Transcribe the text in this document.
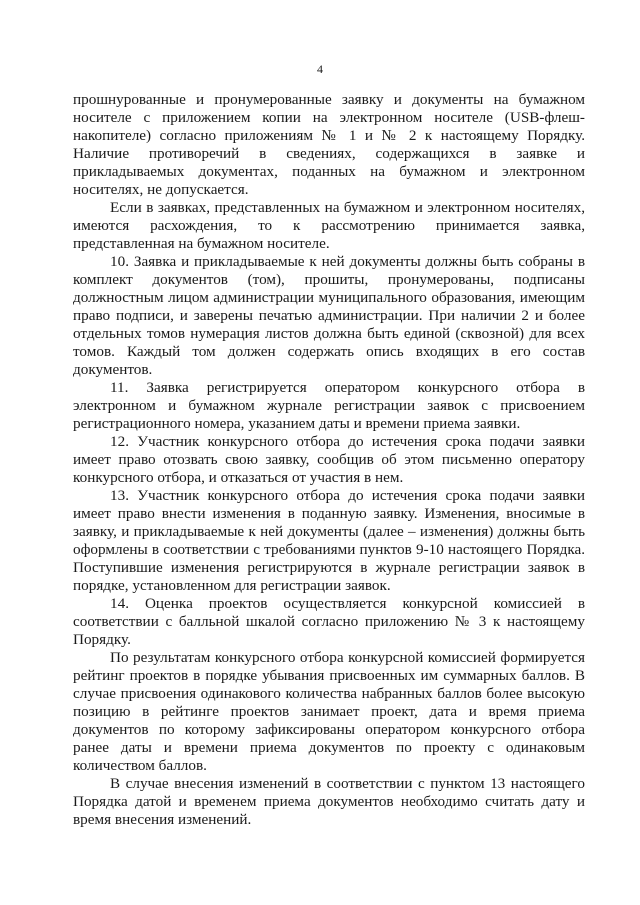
4

прошнурованные и пронумерованные заявку и документы на бумажном носителе с приложением копии на электронном носителе (USB-флеш-накопителе) согласно приложениям № 1 и № 2 к настоящему Порядку. Наличие противоречий в сведениях, содержащихся в заявке и прикладываемых документах, поданных на бумажном и электронном носителях, не допускается.

Если в заявках, представленных на бумажном и электронном носителях, имеются расхождения, то к рассмотрению принимается заявка, представленная на бумажном носителе.

10. Заявка и прикладываемые к ней документы должны быть собраны в комплект документов (том), прошиты, пронумерованы, подписаны должностным лицом администрации муниципального образования, имеющим право подписи, и заверены печатью администрации. При наличии 2 и более отдельных томов нумерация листов должна быть единой (сквозной) для всех томов. Каждый том должен содержать опись входящих в его состав документов.

11. Заявка регистрируется оператором конкурсного отбора в электронном и бумажном журнале регистрации заявок с присвоением регистрационного номера, указанием даты и времени приема заявки.

12. Участник конкурсного отбора до истечения срока подачи заявки имеет право отозвать свою заявку, сообщив об этом письменно оператору конкурсного отбора, и отказаться от участия в нем.

13. Участник конкурсного отбора до истечения срока подачи заявки имеет право внести изменения в поданную заявку. Изменения, вносимые в заявку, и прикладываемые к ней документы (далее – изменения) должны быть оформлены в соответствии с требованиями пунктов 9-10 настоящего Порядка. Поступившие изменения регистрируются в журнале регистрации заявок в порядке, установленном для регистрации заявок.

14. Оценка проектов осуществляется конкурсной комиссией в соответствии с балльной шкалой согласно приложению № 3 к настоящему Порядку.

По результатам конкурсного отбора конкурсной комиссией формируется рейтинг проектов в порядке убывания присвоенных им суммарных баллов. В случае присвоения одинакового количества набранных баллов более высокую позицию в рейтинге проектов занимает проект, дата и время приема документов по которому зафиксированы оператором конкурсного отбора ранее даты и времени приема документов по проекту с одинаковым количеством баллов.

В случае внесения изменений в соответствии с пунктом 13 настоящего Порядка датой и временем приема документов необходимо считать дату и время внесения изменений.
